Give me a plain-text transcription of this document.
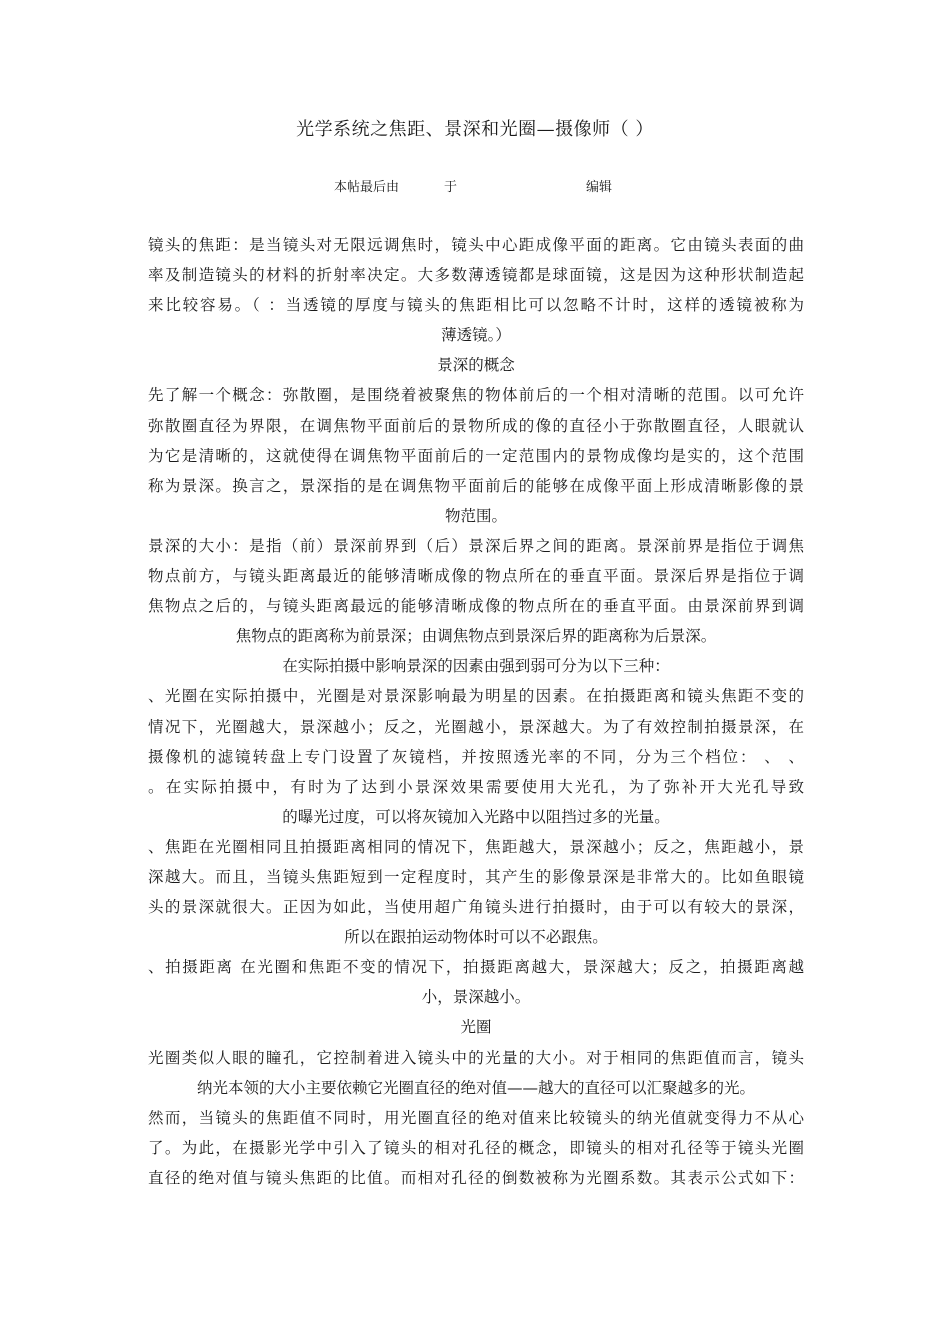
光学系统之焦距、景深和光圈—摄像师（ ）
本帖最后由	于	编辑
镜头的焦距：是当镜头对无限远调焦时，镜头中心距成像平面的距离。它由镜头表面的曲
率及制造镜头的材料的折射率决定。大多数薄透镜都是球面镜，这是因为这种形状制造起
来比较容易。（ ：当透镜的厚度与镜头的焦距相比可以忽略不计时，这样的透镜被称为
薄透镜。）
景深的概念
先了解一个概念：弥散圈，是围绕着被聚焦的物体前后的一个相对清晰的范围。以可允许
弥散圈直径为界限，在调焦物平面前后的景物所成的像的直径小于弥散圈直径，人眼就认
为它是清晰的，这就使得在调焦物平面前后的一定范围内的景物成像均是实的，这个范围
称为景深。换言之，景深指的是在调焦物平面前后的能够在成像平面上形成清晰影像的景
物范围。
景深的大小：是指（前）景深前界到（后）景深后界之间的距离。景深前界是指位于调焦
物点前方，与镜头距离最近的能够清晰成像的物点所在的垂直平面。景深后界是指位于调
焦物点之后的，与镜头距离最远的能够清晰成像的物点所在的垂直平面。由景深前界到调
焦物点的距离称为前景深；由调焦物点到景深后界的距离称为后景深。
在实际拍摄中影响景深的因素由强到弱可分为以下三种：
、光圈在实际拍摄中，光圈是对景深影响最为明星的因素。在拍摄距离和镜头焦距不变的
情况下，光圈越大，景深越小；反之，光圈越小，景深越大。为了有效控制拍摄景深，在
摄像机的滤镜转盘上专门设置了灰镜档，并按照透光率的不同，分为三个档位： 、 、
。在实际拍摄中，有时为了达到小景深效果需要使用大光孔，为了弥补开大光孔导致
的曝光过度，可以将灰镜加入光路中以阻挡过多的光量。
、焦距在光圈相同且拍摄距离相同的情况下，焦距越大，景深越小；反之，焦距越小，景
深越大。而且，当镜头焦距短到一定程度时，其产生的影像景深是非常大的。比如鱼眼镜
头的景深就很大。正因为如此，当使用超广角镜头进行拍摄时，由于可以有较大的景深，
所以在跟拍运动物体时可以不必跟焦。
、拍摄距离 在光圈和焦距不变的情况下，拍摄距离越大，景深越大；反之，拍摄距离越
小，景深越小。
光圈
光圈类似人眼的瞳孔，它控制着进入镜头中的光量的大小。对于相同的焦距值而言，镜头
纳光本领的大小主要依赖它光圈直径的绝对值——越大的直径可以汇聚越多的光。
然而，当镜头的焦距值不同时，用光圈直径的绝对值来比较镜头的纳光值就变得力不从心
了。为此，在摄影光学中引入了镜头的相对孔径的概念，即镜头的相对孔径等于镜头光圈
直径的绝对值与镜头焦距的比值。而相对孔径的倒数被称为光圈系数。其表示公式如下：
